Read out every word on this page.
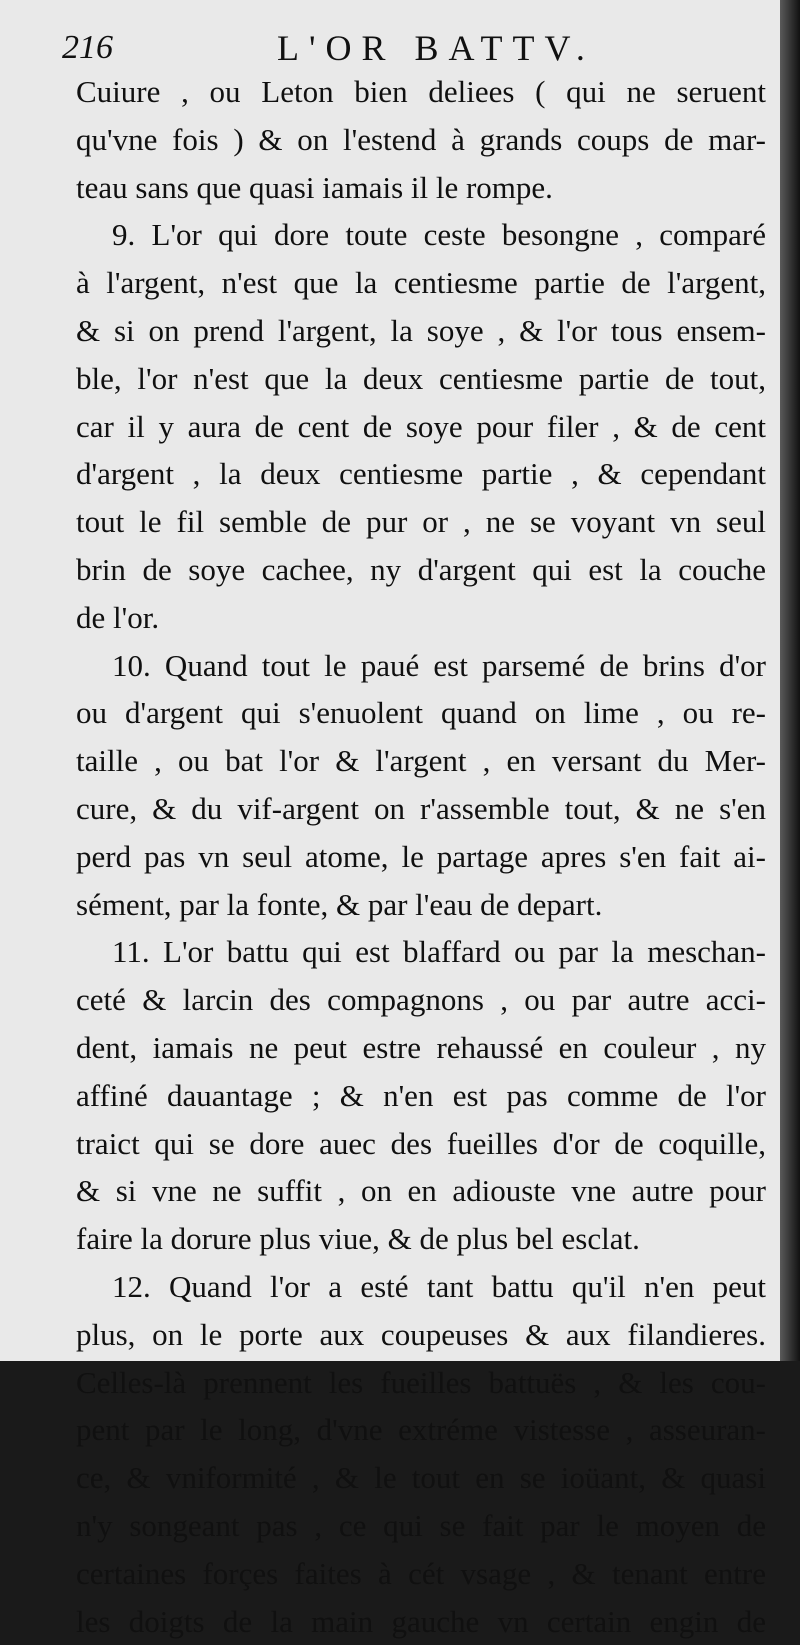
216	L'OR BATTV.
Cuiure , ou Leton bien deliees ( qui ne seruent
qu'vne fois ) & on l'estend à grands coups de mar-
teau sans que quasi iamais il le rompe.
9. L'or qui dore toute ceste besongne , comparé
à l'argent, n'est que la centiesme partie de l'argent,
& si on prend l'argent, la soye , & l'or tous ensem-
ble, l'or n'est que la deux centiesme partie de tout,
car il y aura de cent de soye pour filer , & de cent
d'argent , la deux centiesme partie , & cependant
tout le fil semble de pur or , ne se voyant vn seul
brin de soye cachee, ny d'argent qui est la couche
de l'or.
10. Quand tout le paué est parsemé de brins d'or
ou d'argent qui s'enuolent quand on lime , ou re-
taille , ou bat l'or & l'argent , en versant du Mer-
cure, & du vif-argent on r'assemble tout, & ne s'en
perd pas vn seul atome, le partage apres s'en fait ai-
sément, par la fonte, & par l'eau de depart.
11. L'or battu qui est blaffard ou par la meschan-
ceté & larcin des compagnons , ou par autre acci-
dent, iamais ne peut estre rehaussé en couleur , ny
affiné dauantage ; & n'en est pas comme de l'or
traict qui se dore auec des fueilles d'or de coquille,
& si vne ne suffit , on en adiouste vne autre pour
faire la dorure plus viue, & de plus bel esclat.
12. Quand l'or a esté tant battu qu'il n'en peut
plus, on le porte aux coupeuses & aux filandieres.
Celles-là prennent les fueilles battuës , & les cou-
pent par le long, d'vne extréme vistesse , asseuran-
ce, & vniformité , & le tout en se ioüant, & quasi
n'y songeant pas , ce qui se fait par le moyen de
certaines forçes faites à cét vsage , & tenant entre
les doigts de la main gauche vn certain engin de
